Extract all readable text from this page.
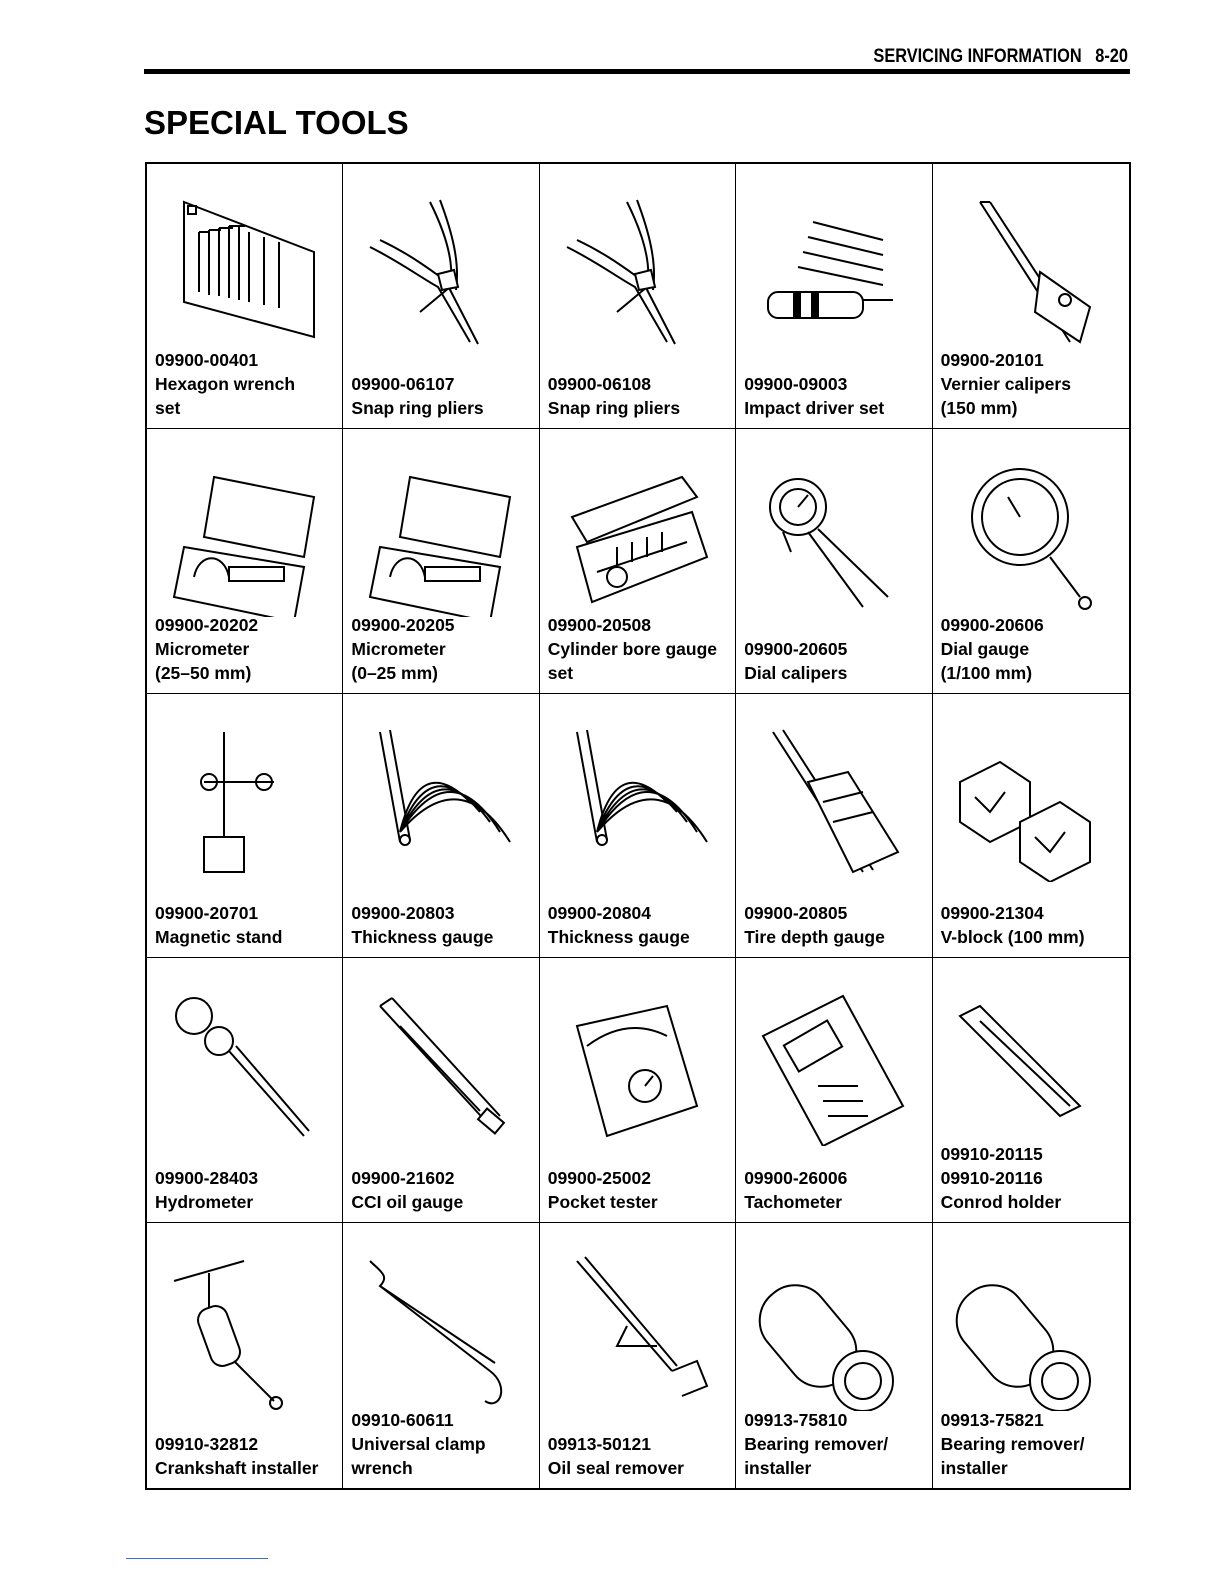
SERVICING INFORMATION 8-20
SPECIAL TOOLS
09900-00401
Hexagon wrench
set
09900-06107
Snap ring pliers
09900-06108
Snap ring pliers
09900-09003
Impact driver set
09900-20101
Vernier calipers
(150 mm)
09900-20202
Micrometer
(25–50 mm)
09900-20205
Micrometer
(0–25 mm)
09900-20508
Cylinder bore gauge
set
09900-20605
Dial calipers
09900-20606
Dial gauge
(1/100 mm)
09900-20701
Magnetic stand
09900-20803
Thickness gauge
09900-20804
Thickness gauge
09900-20805
Tire depth gauge
09900-21304
V-block (100 mm)
09900-28403
Hydrometer
09900-21602
CCI oil gauge
09900-25002
Pocket tester
09900-26006
Tachometer
09910-20115
09910-20116
Conrod holder
09910-32812
Crankshaft installer
09910-60611
Universal clamp
wrench
09913-50121
Oil seal remover
09913-75810
Bearing remover/
installer
09913-75821
Bearing remover/
installer
